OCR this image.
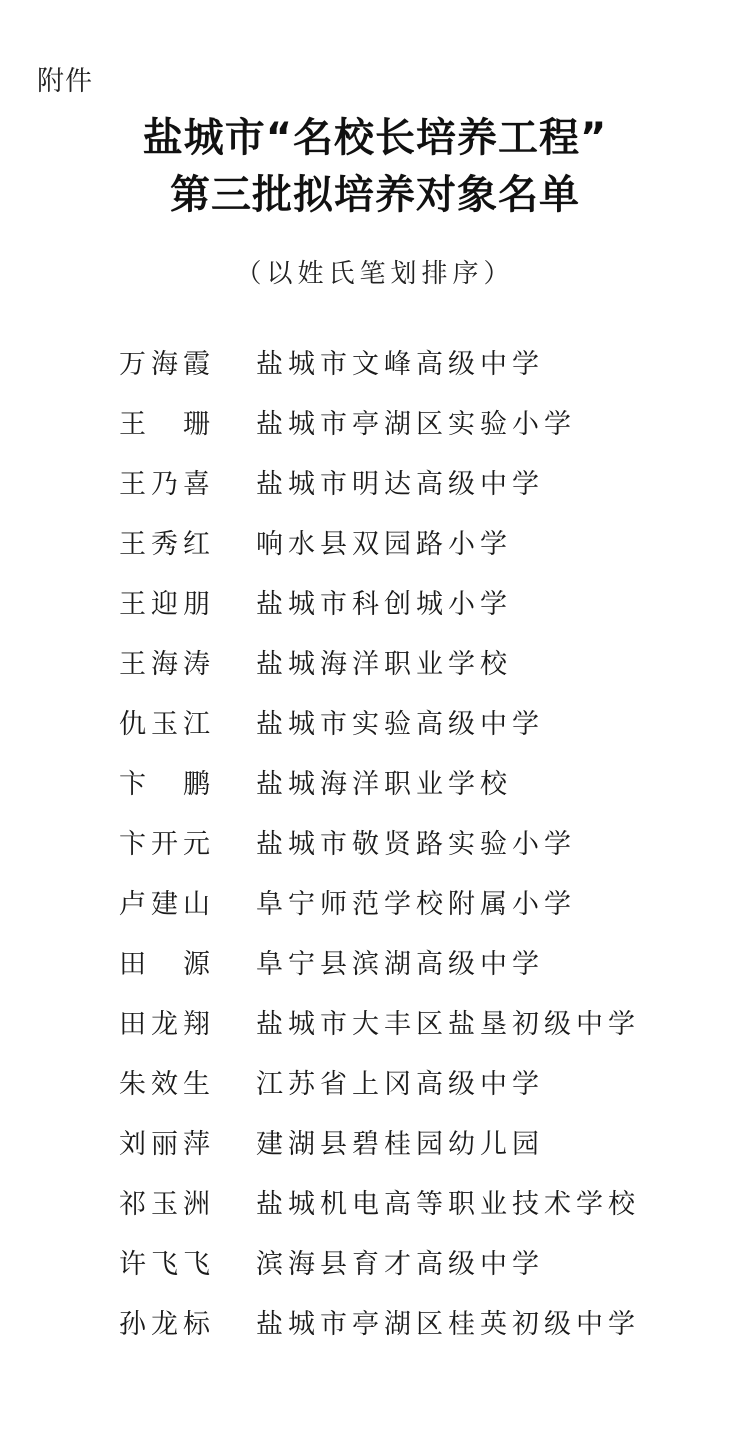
附件
盐城市“名校长培养工程”
第三批拟培养对象名单
（以姓氏笔划排序）
万海霞	盐城市文峰高级中学
王　珊	盐城市亭湖区实验小学
王乃喜	盐城市明达高级中学
王秀红	响水县双园路小学
王迎朋	盐城市科创城小学
王海涛	盐城海洋职业学校
仇玉江	盐城市实验高级中学
卞　鹏	盐城海洋职业学校
卞开元	盐城市敬贤路实验小学
卢建山	阜宁师范学校附属小学
田　源	阜宁县滨湖高级中学
田龙翔	盐城市大丰区盐垦初级中学
朱效生	江苏省上冈高级中学
刘丽萍	建湖县碧桂园幼儿园
祁玉洲	盐城机电高等职业技术学校
许飞飞	滨海县育才高级中学
孙龙标	盐城市亭湖区桂英初级中学
